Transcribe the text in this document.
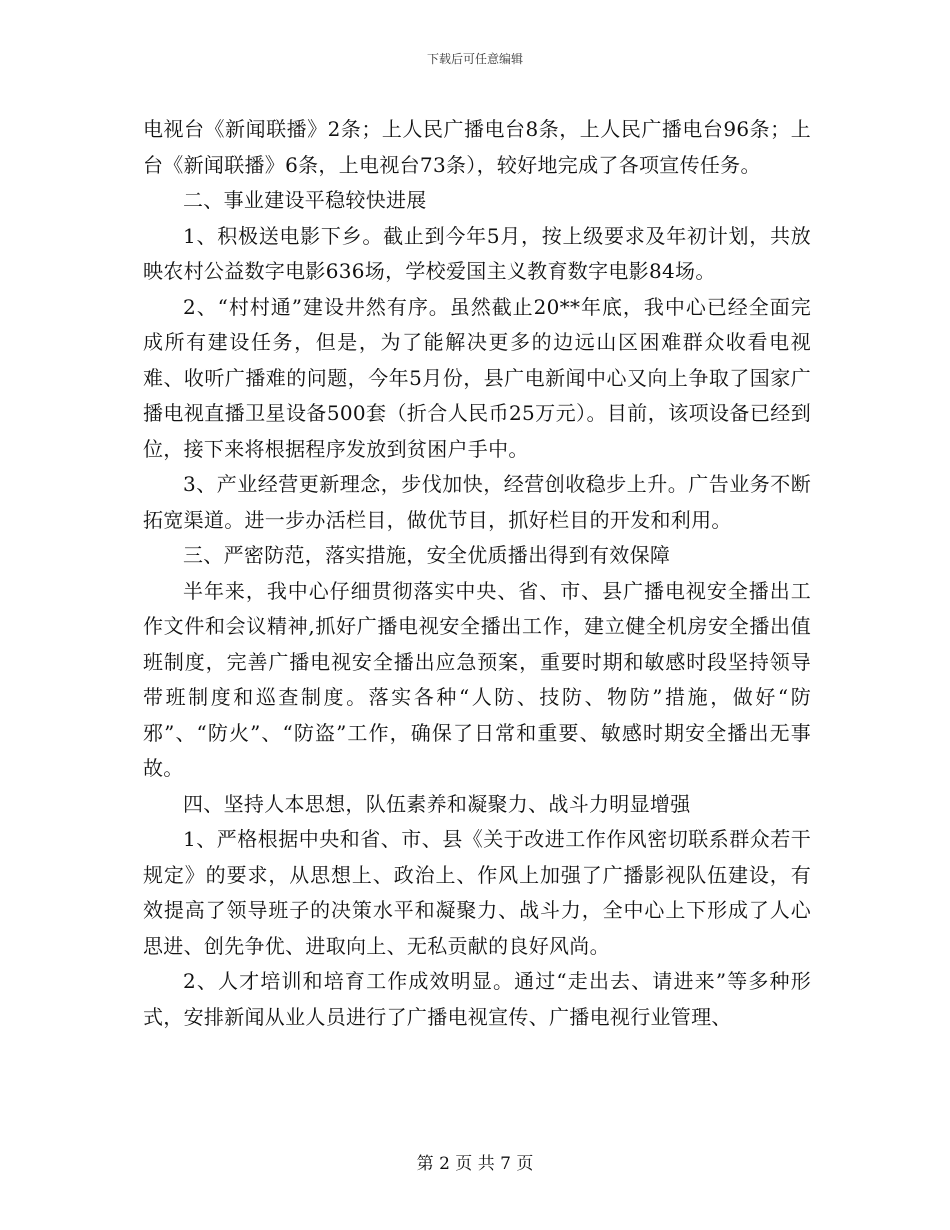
下载后可任意编辑

电视台《新闻联播》2条；上人民广播电台8条，上人民广播电台96条；上台《新闻联播》6条，上电视台73条），较好地完成了各项宣传任务。

二、事业建设平稳较快进展

1、积极送电影下乡。截止到今年5月，按上级要求及年初计划，共放映农村公益数字电影636场，学校爱国主义教育数字电影84场。

2、“村村通”建设井然有序。虽然截止20**年底，我中心已经全面完成所有建设任务，但是，为了能解决更多的边远山区困难群众收看电视难、收听广播难的问题，今年5月份，县广电新闻中心又向上争取了国家广播电视直播卫星设备500套（折合人民币25万元）。目前，该项设备已经到位，接下来将根据程序发放到贫困户手中。

3、产业经营更新理念，步伐加快，经营创收稳步上升。广告业务不断拓宽渠道。进一步办活栏目，做优节目，抓好栏目的开发和利用。

三、严密防范，落实措施，安全优质播出得到有效保障

半年来，我中心仔细贯彻落实中央、省、市、县广播电视安全播出工作文件和会议精神,抓好广播电视安全播出工作，建立健全机房安全播出值班制度，完善广播电视安全播出应急预案，重要时期和敏感时段坚持领导带班制度和巡查制度。落实各种“人防、技防、物防”措施，做好“防邪”、“防火”、“防盗”工作，确保了日常和重要、敏感时期安全播出无事故。

四、坚持人本思想，队伍素养和凝聚力、战斗力明显增强

1、严格根据中央和省、市、县《关于改进工作作风密切联系群众若干规定》的要求，从思想上、政治上、作风上加强了广播影视队伍建设，有效提高了领导班子的决策水平和凝聚力、战斗力，全中心上下形成了人心思进、创先争优、进取向上、无私贡献的良好风尚。

2、人才培训和培育工作成效明显。通过“走出去、请进来”等多种形式，安排新闻从业人员进行了广播电视宣传、广播电视行业管理、

第 2 页 共 7 页
